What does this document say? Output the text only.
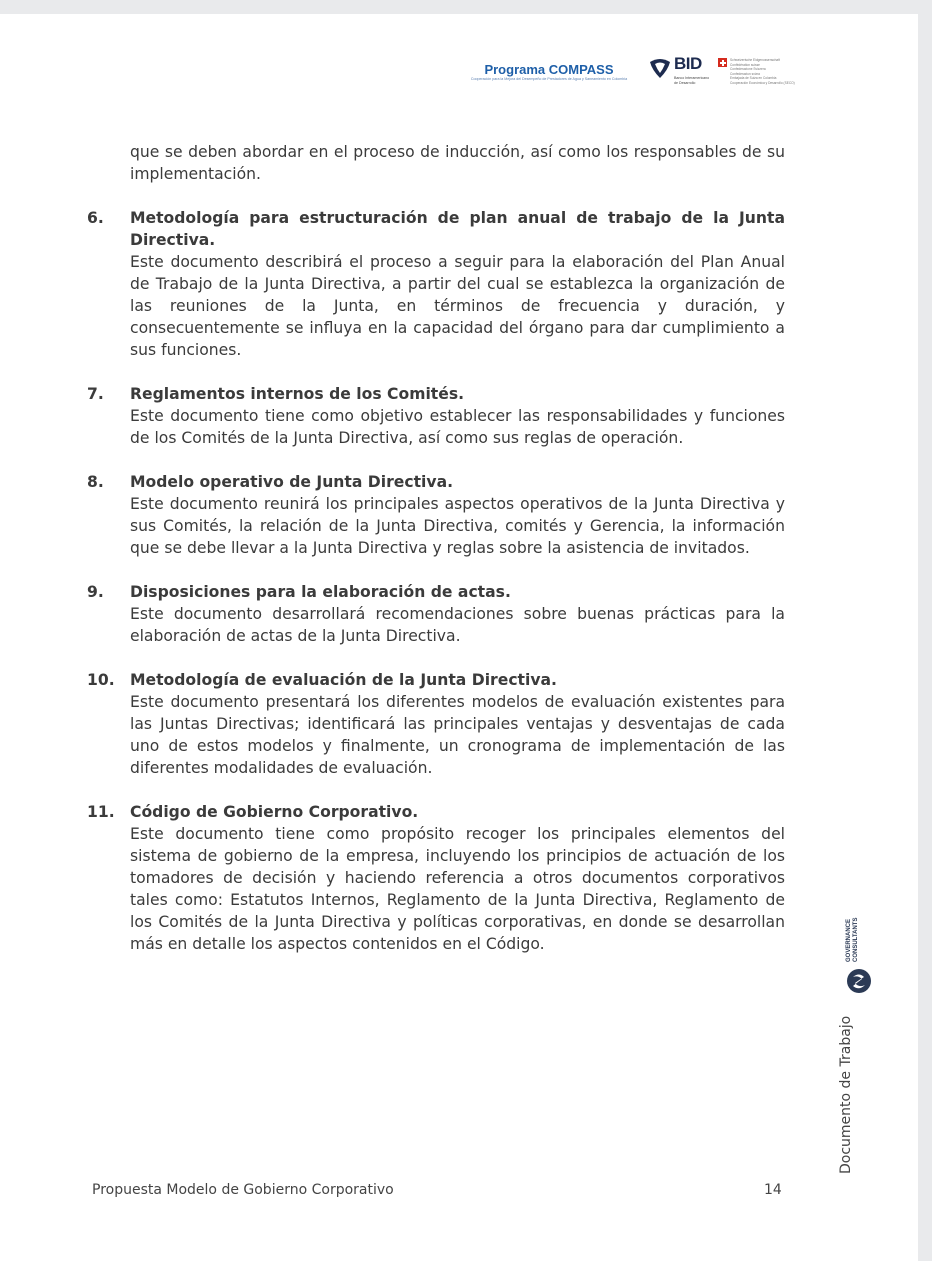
Programa COMPASS
Cooperación para la Mejora del Desempeño de Prestadores de Agua y Saneamiento en Colombia
BID
Banco Interamericano de Desarrollo
Schweizerische Eidgenossenschaft
Confédération suisse
Confederazione Svizzera
Confederaziun svizra
Embajada de Suiza en Colombia
Cooperación Económica y Desarrollo (SECO)

que se deben abordar en el proceso de inducción, así como los responsables de su implementación.

6. Metodología para estructuración de plan anual de trabajo de la Junta Directiva.

Este documento describirá el proceso a seguir para la elaboración del Plan Anual de Trabajo de la Junta Directiva, a partir del cual se establezca la organización de las reuniones de la Junta, en términos de frecuencia y duración, y consecuentemente se influya en la capacidad del órgano para dar cumplimiento a sus funciones.

7. Reglamentos internos de los Comités.

Este documento tiene como objetivo establecer las responsabilidades y funciones de los Comités de la Junta Directiva, así como sus reglas de operación.

8. Modelo operativo de Junta Directiva.

Este documento reunirá los principales aspectos operativos de la Junta Directiva y sus Comités, la relación de la Junta Directiva, comités y Gerencia, la información que se debe llevar a la Junta Directiva y reglas sobre la asistencia de invitados.

9. Disposiciones para la elaboración de actas.

Este documento desarrollará recomendaciones sobre buenas prácticas para la elaboración de actas de la Junta Directiva.

10. Metodología de evaluación de la Junta Directiva.

Este documento presentará los diferentes modelos de evaluación existentes para las Juntas Directivas; identificará las principales ventajas y desventajas de cada uno de estos modelos y finalmente, un cronograma de implementación de las diferentes modalidades de evaluación.

11. Código de Gobierno Corporativo.

Este documento tiene como propósito recoger los principales elementos del sistema de gobierno de la empresa, incluyendo los principios de actuación de los tomadores de decisión y haciendo referencia a otros documentos corporativos tales como: Estatutos Internos, Reglamento de la Junta Directiva, Reglamento de los Comités de la Junta Directiva y políticas corporativas, en donde se desarrollan más en detalle los aspectos contenidos en el Código.

Propuesta Modelo de Gobierno Corporativo	14
GOVERNANCE CONSULTANTS
Documento de Trabajo
